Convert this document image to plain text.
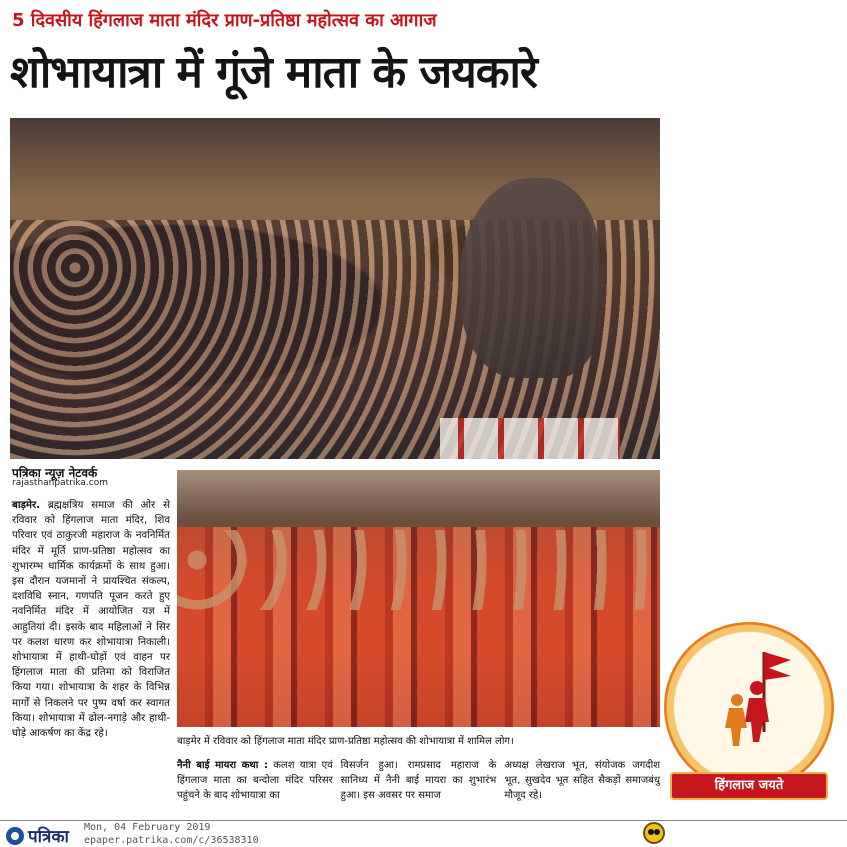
5 दिवसीय हिंगलाज माता मंदिर प्राण-प्रतिष्ठा महोत्सव का आगाज
शोभायात्रा में गूंजे माता के जयकारे
पत्रिका न्यूज़ नेटवर्क
rajasthanpatrika.com
बाड़मेर. ब्रह्मक्षत्रिय समाज की ओर से रविवार को हिंगलाज माता मंदिर, शिव परिवार एवं ठाकुरजी महाराज के नवनिर्मित मंदिर में मूर्ति प्राण-प्रतिष्ठा महोत्सव का शुभारम्भ धार्मिक कार्यक्रमों के साथ हुआ। इस दौरान यजमानों ने प्रायश्चित संकल्प, दशविधि स्नान, गणपति पूजन करते हुए नवनिर्मित मंदिर में आयोजित यज्ञ में आहुतियां दी। इसके बाद महिलाओं ने सिर पर कलश धारण कर शोभायात्रा निकाली। शोभायात्रा में हाथी-घोड़ों एवं वाहन पर हिंगलाज माता की प्रतिमा को विराजित किया गया। शोभायात्रा के शहर के विभिन्न मार्गों से निकलने पर पुष्प वर्षा कर स्वागत किया। शोभायात्रा में ढोल-नगाड़े और हाथी-घोड़े आकर्षण का केंद्र रहे।
बाड़मेर में रविवार को हिंगलाज माता मंदिर प्राण-प्रतिष्ठा महोत्सव की शोभायात्रा में शामिल लोग।
नैनी बाई मायरा कथा : कलश यात्रा एवं हिंगलाज माता का बन्दोला मंदिर परिसर पहुंचने के बाद शोभायात्रा का
विसर्जन हुआ। रामप्रसाद महाराज के सानिध्य में नैनी बाई मायरा का शुभारंभ हुआ। इस अवसर पर समाज
अध्यक्ष लेखराज भूत, संयोजक जगदीश भूत, सुखदेव भूत सहित सैकड़ों समाजबंधु मौजूद रहे।
हिंगलाज जयते
पत्रिका Mon, 04 February 2019
epaper.patrika.com/c/36538310
